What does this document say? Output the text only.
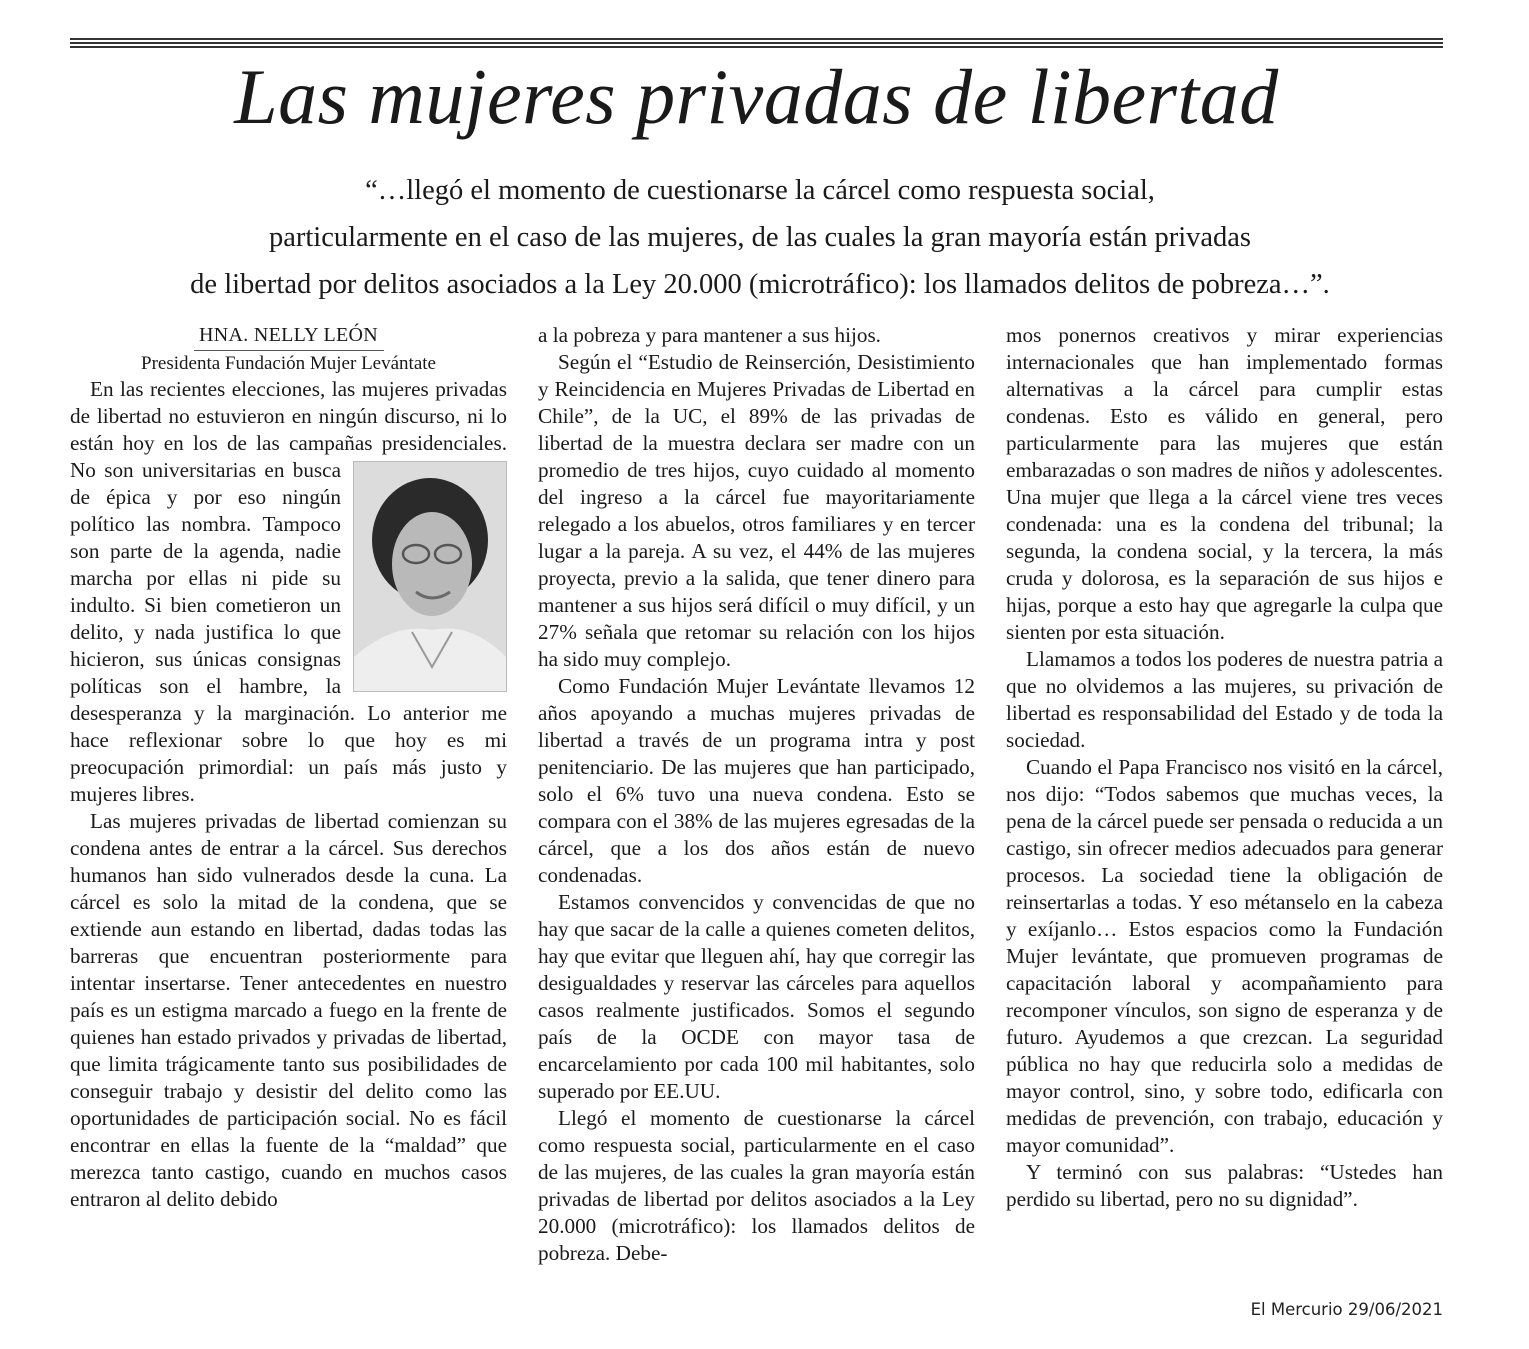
Las mujeres privadas de libertad
“…llegó el momento de cuestionarse la cárcel como respuesta social,
particularmente en el caso de las mujeres, de las cuales la gran mayoría están privadas
de libertad por delitos asociados a la Ley 20.000 (microtráfico): los llamados delitos de pobreza…”.

HNA. NELLY LEÓN

Presidenta Fundación Mujer Levántate

En las recientes elecciones, las mujeres privadas de libertad no estuvieron en ningún discurso, ni lo están hoy en los de las campañas presidenciales.
No son universitarias en busca de épica y por eso ningún político las nombra. Tampoco son parte de la agenda, nadie marcha por ellas ni pide su indulto. Si bien cometieron un delito, y nada justifica lo que hicieron, sus únicas consignas políticas son el hambre, la desesperanza y la marginación. Lo anterior me hace reflexionar sobre lo que hoy es mi preocupación primordial: un país más justo y mujeres libres.

Las mujeres privadas de libertad comienzan su condena antes de entrar a la cárcel. Sus derechos humanos han sido vulnerados desde la cuna. La cárcel es solo la mitad de la condena, que se extiende aun estando en libertad, dadas todas las barreras que encuentran posteriormente para intentar insertarse. Tener antecedentes en nuestro país es un estigma marcado a fuego en la frente de quienes han estado privados y privadas de libertad, que limita trágicamente tanto sus posibilidades de conseguir trabajo y desistir del delito como las oportunidades de participación social. No es fácil encontrar en ellas la fuente de la “maldad” que merezca tanto castigo, cuando en muchos casos entraron al delito debido

a la pobreza y para mantener a sus hijos.

Según el “Estudio de Reinserción, Desistimiento y Reincidencia en Mujeres Privadas de Libertad en Chile”, de la UC, el 89% de las privadas de libertad de la muestra declara ser madre con un promedio de tres hijos, cuyo cuidado al momento del ingreso a la cárcel fue mayoritariamente relegado a los abuelos, otros familiares y en tercer lugar a la pareja. A su vez, el 44% de las mujeres proyecta, previo a la salida, que tener dinero para mantener a sus hijos será difícil o muy difícil, y un 27% señala que retomar su relación con los hijos ha sido muy complejo.

Como Fundación Mujer Levántate llevamos 12 años apoyando a muchas mujeres privadas de libertad a través de un programa intra y post penitenciario. De las mujeres que han participado, solo el 6% tuvo una nueva condena. Esto se compara con el 38% de las mujeres egresadas de la cárcel, que a los dos años están de nuevo condenadas.

Estamos convencidos y convencidas de que no hay que sacar de la calle a quienes cometen delitos, hay que evitar que lleguen ahí, hay que corregir las desigualdades y reservar las cárceles para aquellos casos realmente justificados. Somos el segundo país de la OCDE con mayor tasa de encarcelamiento por cada 100 mil habitantes, solo superado por EE.UU.

Llegó el momento de cuestionarse la cárcel como respuesta social, particularmente en el caso de las mujeres, de las cuales la gran mayoría están privadas de libertad por delitos asociados a la Ley 20.000 (microtráfico): los llamados delitos de pobreza. Debe-

mos ponernos creativos y mirar experiencias internacionales que han implementado formas alternativas a la cárcel para cumplir estas condenas. Esto es válido en general, pero particularmente para las mujeres que están embarazadas o son madres de niños y adolescentes. Una mujer que llega a la cárcel viene tres veces condenada: una es la condena del tribunal; la segunda, la condena social, y la tercera, la más cruda y dolorosa, es la separación de sus hijos e hijas, porque a esto hay que agregarle la culpa que sienten por esta situación.

Llamamos a todos los poderes de nuestra patria a que no olvidemos a las mujeres, su privación de libertad es responsabilidad del Estado y de toda la sociedad.

Cuando el Papa Francisco nos visitó en la cárcel, nos dijo: “Todos sabemos que muchas veces, la pena de la cárcel puede ser pensada o reducida a un castigo, sin ofrecer medios adecuados para generar procesos. La sociedad tiene la obligación de reinsertarlas a todas. Y eso métanselo en la cabeza y exíjanlo… Estos espacios como la Fundación Mujer levántate, que promueven programas de capacitación laboral y acompañamiento para recomponer vínculos, son signo de esperanza y de futuro. Ayudemos a que crezcan. La seguridad pública no hay que reducirla solo a medidas de mayor control, sino, y sobre todo, edificarla con medidas de prevención, con trabajo, educación y mayor comunidad”.

Y terminó con sus palabras: “Ustedes han perdido su libertad, pero no su dignidad”.

El Mercurio 29/06/2021
